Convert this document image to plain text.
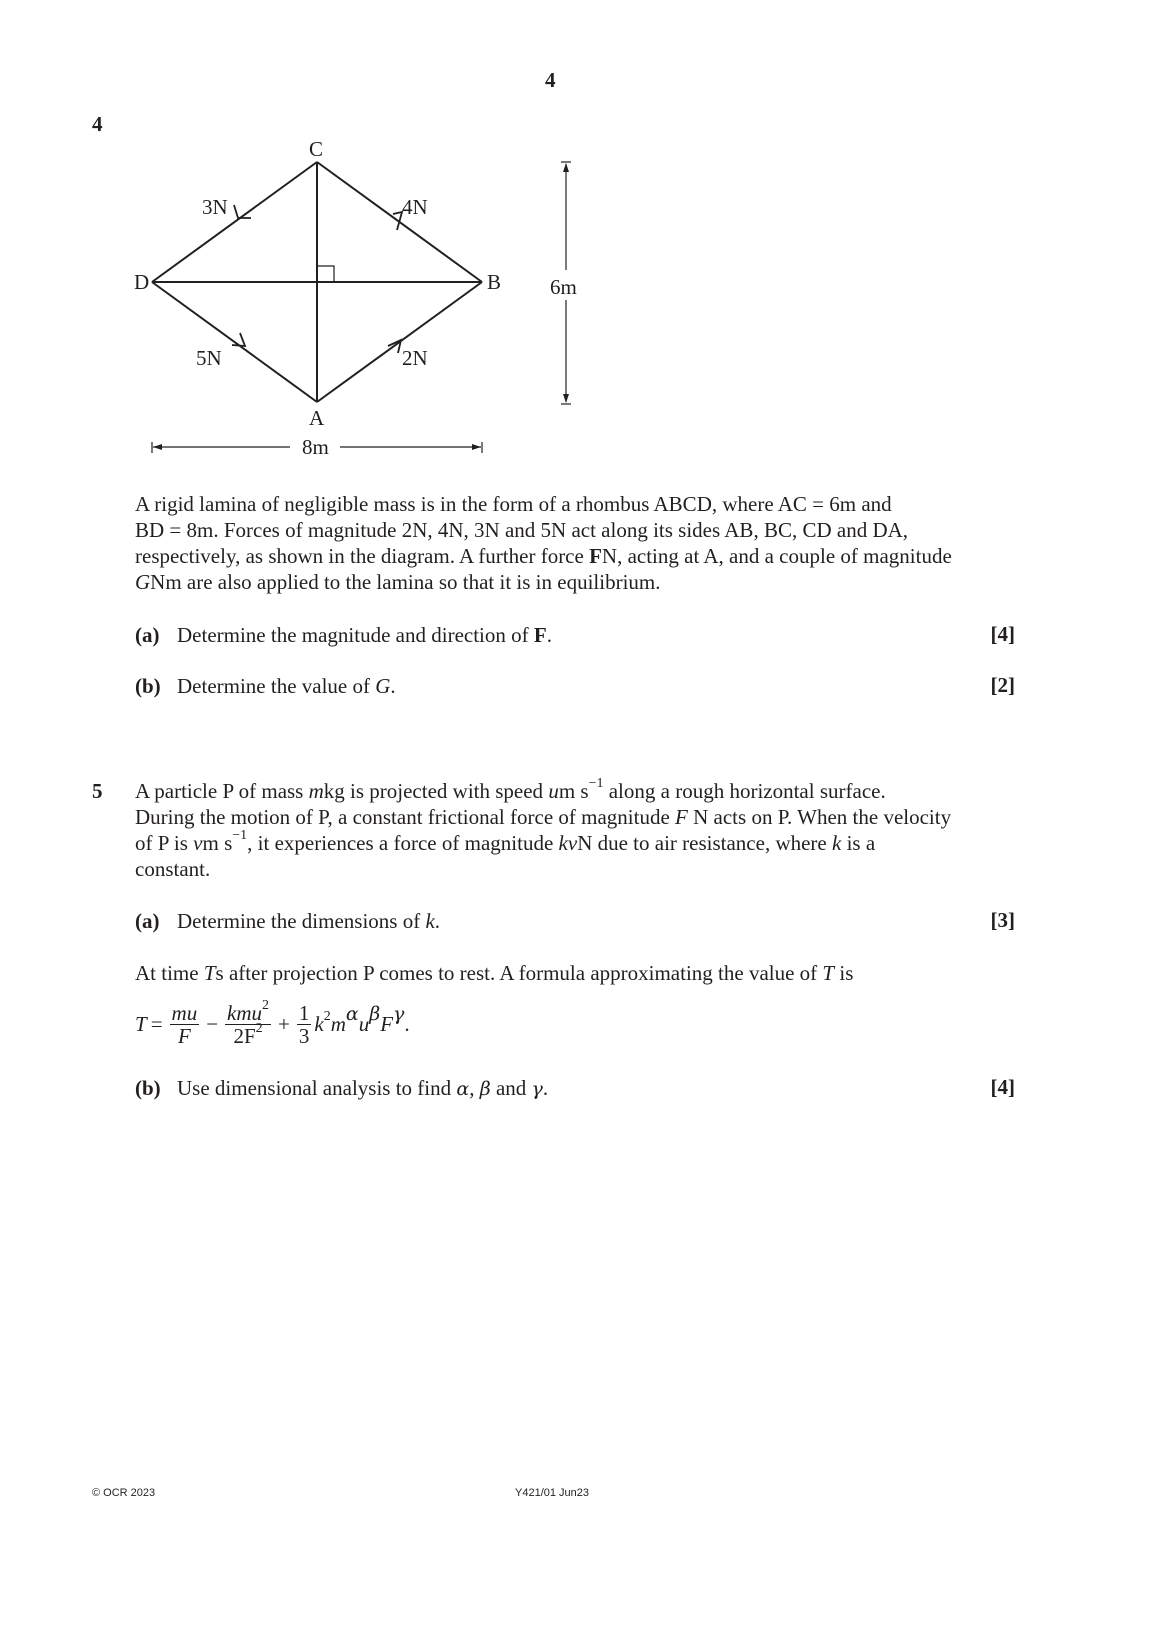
4
4
C
D	B
A
3N	4N
5N	2N
6m
8m
A rigid lamina of negligible mass is in the form of a rhombus ABCD, where AC = 6m and
BD = 8m. Forces of magnitude 2N, 4N, 3N and 5N act along its sides AB, BC, CD and DA,
respectively, as shown in the diagram. A further force FN, acting at A, and a couple of magnitude
GNm are also applied to the lamina so that it is in equilibrium.
(a) Determine the magnitude and direction of F.	[4]
(b) Determine the value of G.	[2]
5 A particle P of mass mkg is projected with speed um $s^{-1}$ along a rough horizontal surface.
During the motion of P, a constant frictional force of magnitude F N acts on P. When the velocity
of P is vm $s^{-1}$, it experiences a force of magnitude kvN due to air resistance, where k is a
constant.
(a) Determine the dimensions of k.	[3]
At time Ts after projection P comes to rest. A formula approximating the value of T is
$T = \frac{mu}{F} - \frac{kmu^2}{2F^2} + \frac{1}{3} k^2m^\alpha u^\beta F^\gamma$.
(b) Use dimensional analysis to find α, β and γ.	[4]
© OCR 2023	Y421/01 Jun23
